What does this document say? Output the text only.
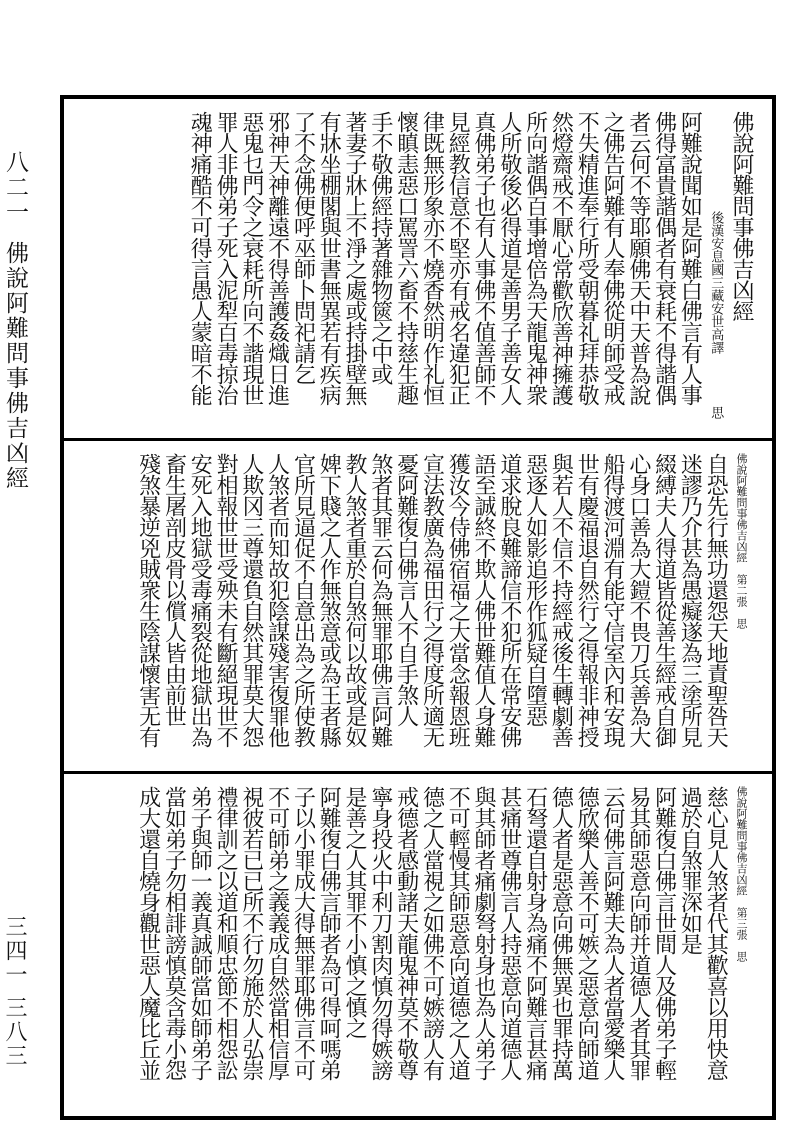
八二一佛說阿難問事佛吉凶經
三四一 三八三
佛說阿難問事佛吉凶經
後漢安息國三藏安世高譯　　　　思
阿難說聞如是阿難白佛言有人事
佛得富貴諧偶者有衰耗不得諧偶
者云何不等耶願佛天中天普為說
之佛告阿難有人奉佛從明師受戒
不失精進奉行所受朝暮礼拜恭敬
然燈齋戒不厭心常歡欣善神擁護
所向諧偶百事增倍為天龍鬼神衆
人所敬後必得道是善男子善女人
真佛弟子也有人事佛不值善師不
見經教信意不堅亦有戒名違犯正
律既無形象亦不燒香然明作礼恒
懷瞋恚惡口罵詈六畜不持慈生趣
手不敬佛經持著雜物篋之中或
著妻子牀上不淨之處或持掛壁無
有牀坐棚閣與世書無異若有疾病
了不念佛便呼巫師卜問祀請乞
邪神天神離遠不得善護姦熾日進
惡鬼乜門令之衰耗所向不諧現世
罪人非佛弟子死入泥犁百毒掠治
魂神痛酷不可得言愚人蒙暗不能
佛說阿難問事佛吉凶經　第二張　思
自恐先行無功還怨天地責聖咎天
迷謬乃介甚為愚癡遂為三塗所見
綴縛夫人得道皆從善生經戒自御
心身口善為大鎧不畏刀兵善為大
船得渡河淵有能守信室內和安現
世有慶福退自然行之得報非神授
與若人不信不持經戒後生轉劇善
惡逐人如影追形作狐疑自墮惡
道求脫良難諦信不犯所在常安佛
語至誠終不欺人佛世難值人身難
獲汝今侍佛宿福之大當念報恩班
宣法教廣為福田行之得度所適无
憂阿難復白佛言人不自手煞人
煞者其罪云何為無罪耶佛言阿難
教人煞者重於自煞何以故或是奴
婢下賤之人作無煞意或為王者縣
官所見逼促不自意出為之所使教
人煞者而知故犯陰謀殘害復罪他
人欺冈三尊還負自然其罪莫大怨
對相報世世受殃未有斷絕現世不
安死入地獄受毒痛裂從地獄出為
畜生屠剖皮骨以償人皆由前世
殘煞暴逆兇賊衆生陰謀懷害无有
佛說阿難問事佛吉凶經　第三張　思
慈心見人煞者代其歡喜以用快意
過於自煞罪深如是
阿難復白佛言世間人及佛弟子輕
易其師惡意向師并道德人者其罪
云何佛言阿難夫為人者當愛樂人
德欣樂人善不可嫉之惡意向師道
德人者是惡意向佛無異也罪持萬
石弩還自射身為痛不阿難言甚痛
甚痛世尊佛言人持惡意向道德人
與其師者痛劇弩射身也為人弟子
不可輕慢其師惡意向道德之人道
德之人當視之如佛不可嫉謗人有
戒德者感動諸天龍鬼神莫不敬尊
寧身投火中利刀割肉慎勿得嫉謗
是善之人其罪不小慎之慎之
阿難復白佛言師者為可得呵嗎弟
子以小罪成大得無罪耶佛言不可
不可師弟之義義成自然當相信厚
視彼若已已所不行勿施於人弘崇
禮律訓之以道和順忠節不相怨訟
弟子與師一義真誠師當如師弟子
當如弟子勿相誹謗慎莫含毒小怨
成大還自燒身觀世惡人魔比丘並
